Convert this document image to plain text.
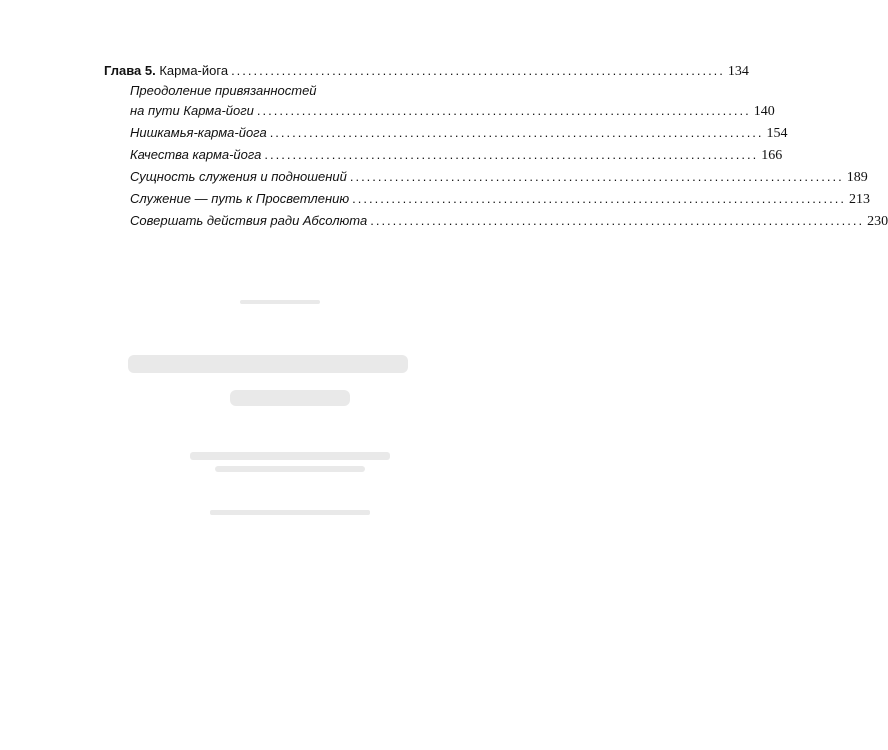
Глава 5. Карма-йога ........................................................................................ 134
Преодоление привязанностей
на пути Карма-йоги ........................................................................................ 140
Нишкамья-карма-йога ........................................................................................ 154
Качества карма-йога ........................................................................................ 166
Сущность служения и подношений ........................................................................................ 189
Служение — путь к Просветлению ........................................................................................ 213
Совершать действия ради Абсолюта ........................................................................................ 230
